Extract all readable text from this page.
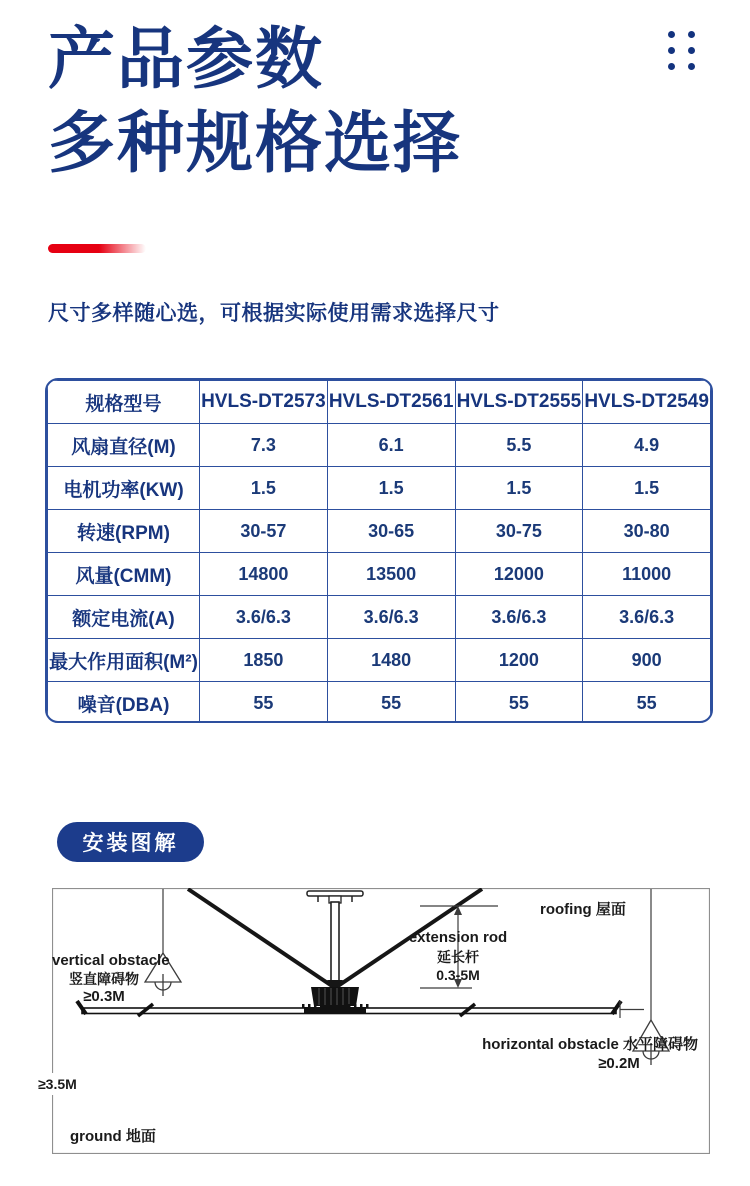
产品参数
多种规格选择
尺寸多样随心选，可根据实际使用需求选择尺寸
规格型号	HVLS-DT2573	HVLS-DT2561	HVLS-DT2555	HVLS-DT2549
风扇直径(M)	7.3	6.1	5.5	4.9
电机功率(KW)	1.5	1.5	1.5	1.5
转速(RPM)	30-57	30-65	30-75	30-80
风量(CMM)	14800	13500	12000	11000
额定电流(A)	3.6/6.3	3.6/6.3	3.6/6.3	3.6/6.3
最大作用面积(M²)	1850	1480	1200	900
噪音(DBA)	55	55	55	55
安装图解
roofing 屋面
extension rod
延长杆
0.3-5M
vertical obstacle
竖直障碍物
≥0.3M
horizontal obstacle 水平障碍物
≥0.2M
≥3.5M
ground 地面
